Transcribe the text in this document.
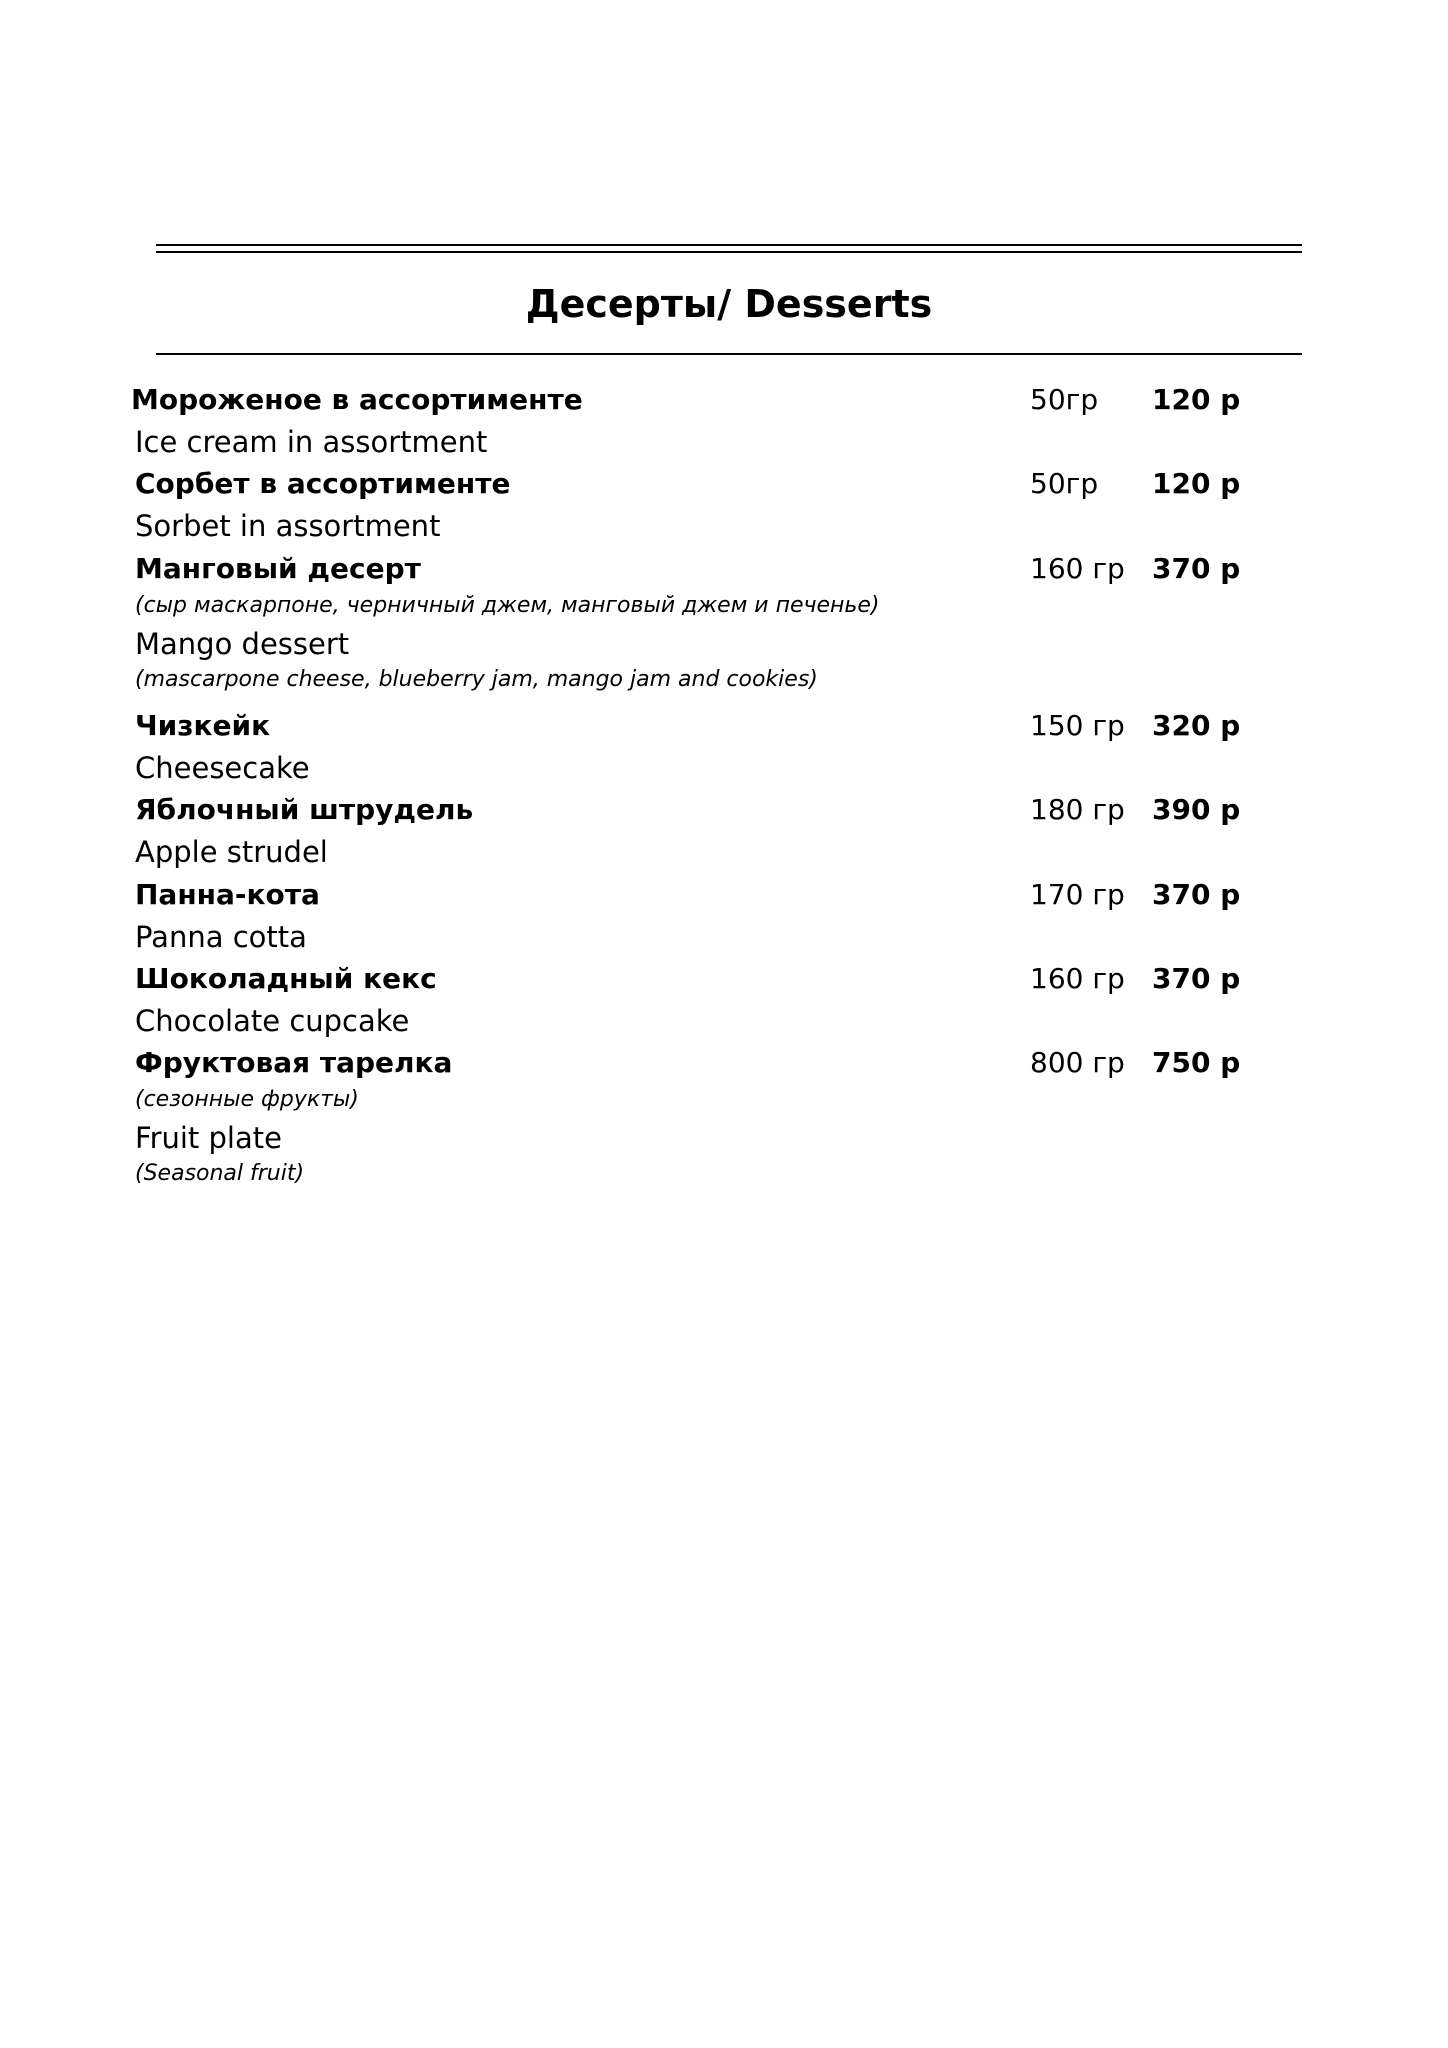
Десерты/ Desserts
Мороженое в ассортименте	50гр 120 р
Ice cream in assortment
Сорбет в ассортименте	50гр 120 р
Sorbet in assortment
Манговый десерт	160 гр 370 р
(сыр маскарпоне, черничный джем, манговый джем и печенье)
Mango dessert
(mascarpone cheese, blueberry jam, mango jam and cookies)
Чизкейк	150 гр 320 р
Cheesecake
Яблочный штрудель	180 гр 390 р
Apple strudel
Панна-кота	170 гр 370 р
Panna cotta
Шоколадный кекс	160 гр 370 р
Chocolate cupcake
Фруктовая тарелка	800 гр 750 р
(сезонные фрукты)
Fruit plate
(Seasonal fruit)
